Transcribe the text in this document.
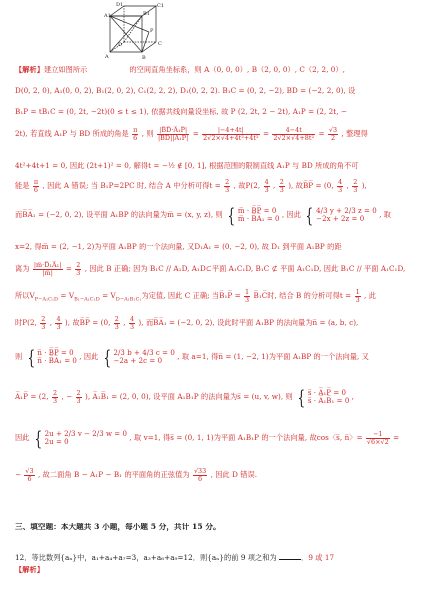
D1	C1
A1	B1
D	C
A	B
P
【解析】建立如图所示	的空间直角坐标系，则 A（0, 0, 0）, B（2, 0, 0）, C（2, 2, 0）,
D(0, 2, 0), A₁(0, 0, 2), B₁(2, 0, 2), C₁(2, 2, 2), D₁(0, 2, 2). B̅₁C̅ = (0, 2, −2), B̅D̅ = (−2, 2, 0), 设
B̅₁P̅ = tB̅₁C̅ = (0, 2t, −2t)(0 ≤ t ≤ 1), 依据共线向量设坐标, 故 P (2, 2t, 2 − 2t), A̅₁P̅ = (2, 2t, −
2t), 若直线 A₁P 与 BD 所成的角是 $\frac{\pi}{6}$ , 则 $\frac{\text{|B̅D̅·A̅₁P̅|}}{\text{|B̅D̅||A̅₁P̅|}} = \frac{|-4+4t|}{\text{2√2×√4+4t²+4t²}} = \frac{4-4t}{\text{2√2×√4+8t²}} = \frac{√3}{2}$ , 整理得
4t²+4t+1 = 0, 因此 (2t+1)² = 0, 解得t = −½ ∉ [0, 1], 根据范围的限制直线 A₁P 与 BD 所成的角不可
能是 $\frac{\pi}{6}$ , 因此 A 错误; 当 B₁P=2PC 时, 结合 A 中分析可得$t = \frac{2}{3}$ , 故P(2, $\frac{4}{3}$ , $\frac{2}{3}$ ), 故B̅P̅ = (0, $\frac{4}{3}$ , $\frac{2}{3}$ ),
而B̅A̅₁ = (−2, 0, 2), 设平面 A₁BP 的法向量为m̅ = (x, y, z), 则 { m̅ · B̅P̅ = 0
m̅ · B̅A̅₁ = 0 , 因此 { 4/3 y + 2/3 z = 0
−2x + 2z = 0	, 取
x=2, 得m̅ = (2, −1, 2)为平面 A₁BP 的一个法向量, 又D̅₁A̅₁ = (0, −2, 0), 故 D₁ 到平面 A₁BP 的距
离为 $\frac{\text{|m̅·D̅₁A̅₁|}}{|m̅|} = \frac{2}{3}$ , 因此 B 正确; 因为 B₁C // A₁D, A₁D⊂平面 A₁C₁D, B₁C ⊄ 平面 A₁C₁D, 因此 B₁C // 平面 A₁C₁D,
所以$V_{P-A_1C_1D} = V_{B_1-A_1C_1D} = V_{D-A_1B_1C_1}$为定值, 因此 C 正确; 当B̅₁P̅ = $\frac{1}{3}$ B̅₁C̅时, 结合 B 的分析可得$t = \frac{1}{3}$ , 此
时P(2, $\frac{2}{3}$ , $\frac{4}{3}$ ), 故B̅P̅ = (0, $\frac{2}{3}$ , $\frac{4}{3}$ ), 而B̅A̅₁ = (−2, 0, 2), 设此时平面 A₁BP 的法向量为n̅ = (a, b, c),
则 { n̅ · B̅P̅ = 0
n̅ · B̅A̅₁ = 0 , 因此 { 2/3 b + 4/3 c = 0
−2a + 2c = 0	, 取 a=1, 得n̅ = (1, −2, 1)为平面 A₁BP 的一个法向量, 又
A̅₁P̅ = (2, $\frac{2}{3}$ , − $\frac{2}{3}$ ), A̅₁B̅₁ = (2, 0, 0), 设平面 A₁B₁P 的法向量为s̅ = (u, v, w), 则 { s̅ · A̅₁P̅ = 0
s̅ · A̅₁B̅₁ = 0 ,
因此 { 2u + 2/3 v − 2/3 w = 0
2u = 0	, 取 v=1, 得s̅ = (0, 1, 1)为平面 A₁B₁P 的一个法向量, 故cos〈s̅, n̅〉= $\frac{-1}{√6\times√2}$ =
− $\frac{√3}{6}$ , 故二面角 B − A₁P − B₁ 的平面角的正弦值为 $\frac{√33}{6}$ , 因此 D 错误.
三、填空题：本大题共 3 小题，每小题 5 分，共计 15 分。
12．等比数列{aₙ}中，a₁+a₄+a₇=3，a₃+a₆+a₉=12．则{aₙ}的前 9 项之和为	．9 或 17
【解析】
